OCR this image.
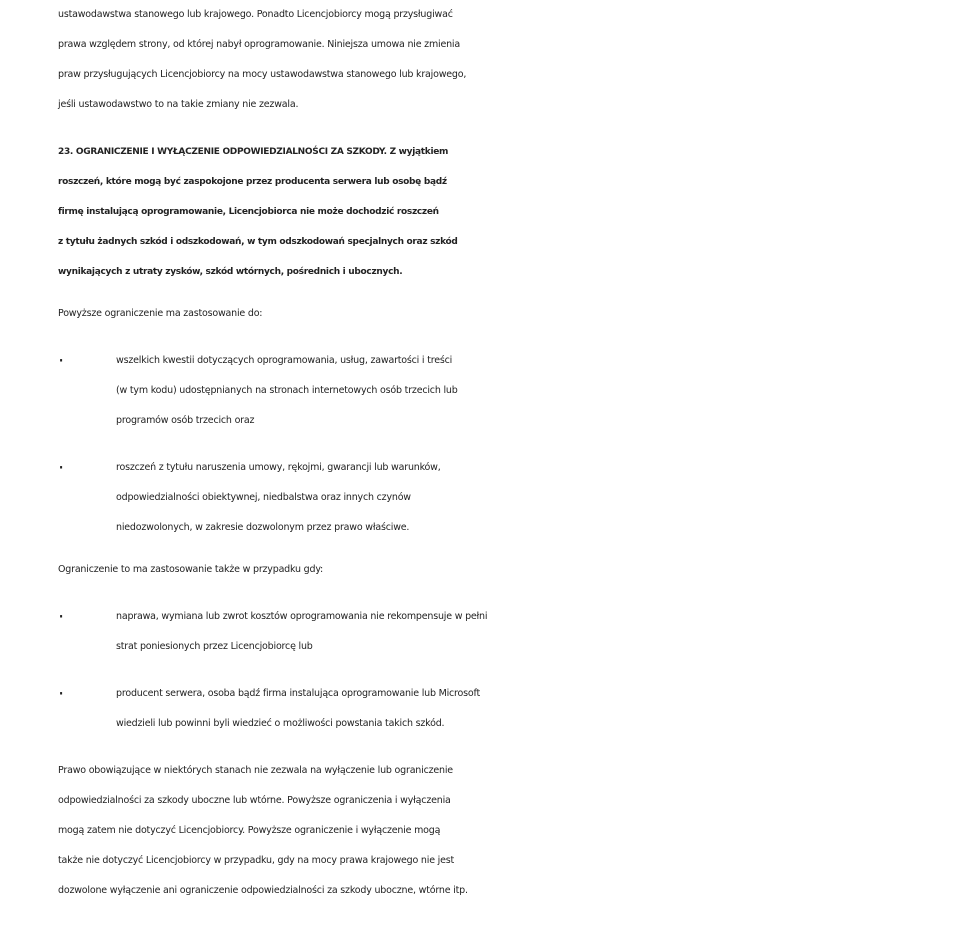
ustawodawstwa stanowego lub krajowego. Ponadto Licencjobiorcy mogą przysługiwać
prawa względem strony, od której nabył oprogramowanie. Niniejsza umowa nie zmienia
praw przysługujących Licencjobiorcy na mocy ustawodawstwa stanowego lub krajowego,
jeśli ustawodawstwo to na takie zmiany nie zezwala.
23. OGRANICZENIE I WYŁĄCZENIE ODPOWIEDZIALNOŚCI ZA SZKODY. Z wyjątkiem
roszczeń, które mogą być zaspokojone przez producenta serwera lub osobę bądź
firmę instalującą oprogramowanie, Licencjobiorca nie może dochodzić roszczeń
z tytułu żadnych szkód i odszkodowań, w tym odszkodowań specjalnych oraz szkód
wynikających z utraty zysków, szkód wtórnych, pośrednich i ubocznych.
Powyższe ograniczenie ma zastosowanie do:
·	wszelkich kwestii dotyczących oprogramowania, usług, zawartości i treści
(w tym kodu) udostępnianych na stronach internetowych osób trzecich lub
programów osób trzecich oraz
·	roszczeń z tytułu naruszenia umowy, rękojmi, gwarancji lub warunków,
odpowiedzialności obiektywnej, niedbalstwa oraz innych czynów
niedozwolonych, w zakresie dozwolonym przez prawo właściwe.
Ograniczenie to ma zastosowanie także w przypadku gdy:
·	naprawa, wymiana lub zwrot kosztów oprogramowania nie rekompensuje w pełni
strat poniesionych przez Licencjobiorcę lub
·	producent serwera, osoba bądź firma instalująca oprogramowanie lub Microsoft
wiedzieli lub powinni byli wiedzieć o możliwości powstania takich szkód.
Prawo obowiązujące w niektórych stanach nie zezwala na wyłączenie lub ograniczenie
odpowiedzialności za szkody uboczne lub wtórne. Powyższe ograniczenia i wyłączenia
mogą zatem nie dotyczyć Licencjobiorcy. Powyższe ograniczenie i wyłączenie mogą
także nie dotyczyć Licencjobiorcy w przypadku, gdy na mocy prawa krajowego nie jest
dozwolone wyłączenie ani ograniczenie odpowiedzialności za szkody uboczne, wtórne itp.
